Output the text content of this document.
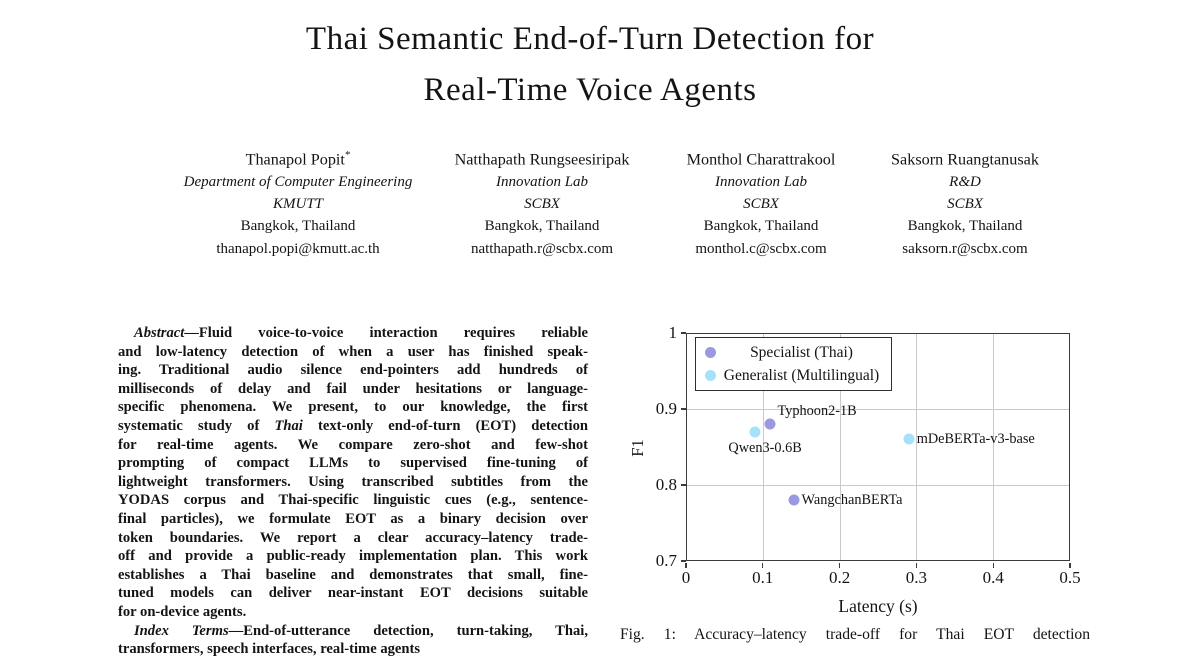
Thai Semantic End-of-Turn Detection for
Real-Time Voice Agents
Thanapol Popit*
Department of Computer Engineering
KMUTT
Bangkok, Thailand
thanapol.popi@kmutt.ac.th
Natthapath Rungseesiripak
Innovation Lab
SCBX
Bangkok, Thailand
natthapath.r@scbx.com
Monthol Charattrakool
Innovation Lab
SCBX
Bangkok, Thailand
monthol.c@scbx.com
Saksorn Ruangtanusak
R&D
SCBX
Bangkok, Thailand
saksorn.r@scbx.com
Abstract—Fluid voice-to-voice interaction requires reliable
and low-latency detection of when a user has finished speak-
ing. Traditional audio silence end-pointers add hundreds of
milliseconds of delay and fail under hesitations or language-
specific phenomena. We present, to our knowledge, the first
systematic study of Thai text-only end-of-turn (EOT) detection
for real-time agents. We compare zero-shot and few-shot
prompting of compact LLMs to supervised fine-tuning of
lightweight transformers. Using transcribed subtitles from the
YODAS corpus and Thai-specific linguistic cues (e.g., sentence-
final particles), we formulate EOT as a binary decision over
token boundaries. We report a clear accuracy–latency trade-
off and provide a public-ready implementation plan. This work
establishes a Thai baseline and demonstrates that small, fine-
tuned models can deliver near-instant EOT decisions suitable
for on-device agents.
Index Terms—End-of-utterance detection, turn-taking, Thai,
transformers, speech interfaces, real-time agents
0	0.1	0.2	0.3	0.4	0.5
0.7
0.8
0.9
1
Typhoon2-1B
WangchanBERTa
Qwen3-0.6B
mDeBERTa-v3-base
Specialist (Thai)
Generalist (Multilingual)
F1
Latency (s)
Fig. 1: Accuracy–latency trade-off for Thai EOT detection
